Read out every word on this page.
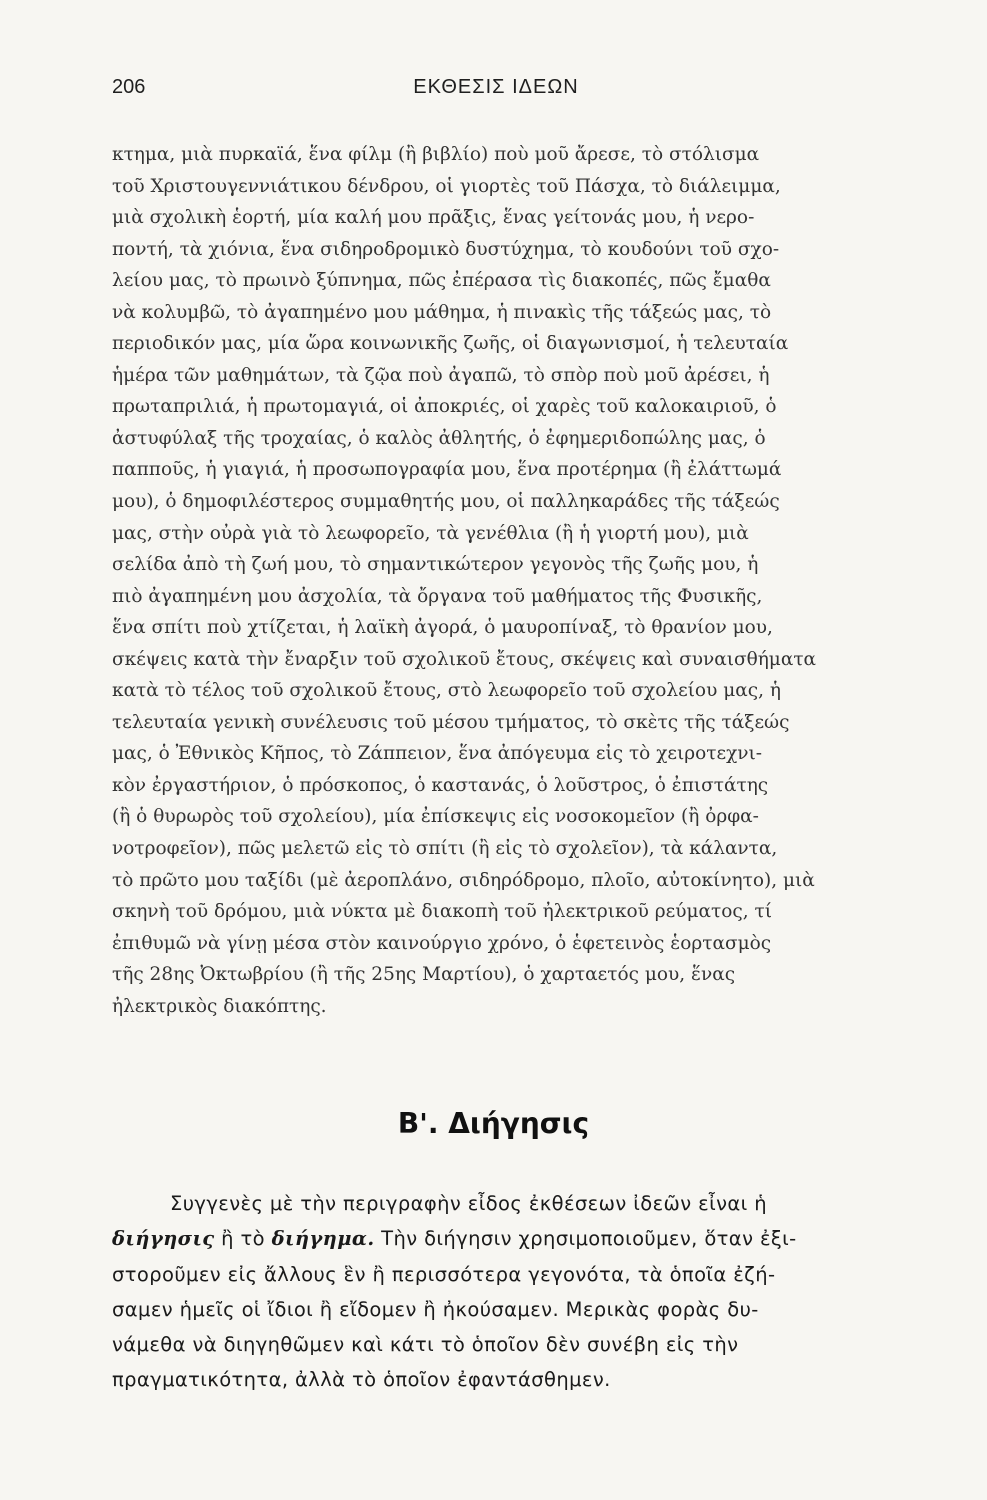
206	ΕΚΘΕΣΙΣ ΙΔΕΩΝ
κτημα, μιὰ πυρκαϊά, ἕνα φίλμ (ἢ βιβλίο) ποὺ μοῦ ἄρεσε, τὸ στόλισμα
τοῦ Χριστουγεννιάτικου δένδρου, οἱ γιορτὲς τοῦ Πάσχα, τὸ διάλειμμα,
μιὰ σχολικὴ ἑορτή, μία καλή μου πρᾶξις, ἕνας γείτονάς μου, ἡ νερο-
ποντή, τὰ χιόνια, ἕνα σιδηροδρομικὸ δυστύχημα, τὸ κουδούνι τοῦ σχο-
λείου μας, τὸ πρωινὸ ξύπνημα, πῶς ἐπέρασα τὶς διακοπές, πῶς ἔμαθα
νὰ κολυμβῶ, τὸ ἀγαπημένο μου μάθημα, ἡ πινακὶς τῆς τάξεώς μας, τὸ
περιοδικόν μας, μία ὥρα κοινωνικῆς ζωῆς, οἱ διαγωνισμοί, ἡ τελευταία
ἡμέρα τῶν μαθημάτων, τὰ ζῷα ποὺ ἀγαπῶ, τὸ σπὸρ ποὺ μοῦ ἀρέσει, ἡ
πρωταπριλιά, ἡ πρωτομαγιά, οἱ ἀποκριές, οἱ χαρὲς τοῦ καλοκαιριοῦ, ὁ
ἀστυφύλαξ τῆς τροχαίας, ὁ καλὸς ἀθλητής, ὁ ἐφημεριδοπώλης μας, ὁ
παπποῦς, ἡ γιαγιά, ἡ προσωπογραφία μου, ἕνα προτέρημα (ἢ ἐλάττωμά
μου), ὁ δημοφιλέστερος συμμαθητής μου, οἱ παλληκαράδες τῆς τάξεώς
μας, στὴν οὐρὰ γιὰ τὸ λεωφορεῖο, τὰ γενέθλια (ἢ ἡ γιορτή μου), μιὰ
σελίδα ἀπὸ τὴ ζωή μου, τὸ σημαντικώτερον γεγονὸς τῆς ζωῆς μου, ἡ
πιὸ ἀγαπημένη μου ἀσχολία, τὰ ὄργανα τοῦ μαθήματος τῆς Φυσικῆς,
ἕνα σπίτι ποὺ χτίζεται, ἡ λαϊκὴ ἀγορά, ὁ μαυροπίναξ, τὸ θρανίον μου,
σκέψεις κατὰ τὴν ἔναρξιν τοῦ σχολικοῦ ἔτους, σκέψεις καὶ συναισθήματα
κατὰ τὸ τέλος τοῦ σχολικοῦ ἔτους, στὸ λεωφορεῖο τοῦ σχολείου μας, ἡ
τελευταία γενικὴ συνέλευσις τοῦ μέσου τμήματος, τὸ σκὲτς τῆς τάξεώς
μας, ὁ Ἐθνικὸς Κῆπος, τὸ Ζάππειον, ἕνα ἀπόγευμα εἰς τὸ χειροτεχνι-
κὸν ἐργαστήριον, ὁ πρόσκοπος, ὁ καστανάς, ὁ λοῦστρος, ὁ ἐπιστάτης
(ἢ ὁ θυρωρὸς τοῦ σχολείου), μία ἐπίσκεψις εἰς νοσοκομεῖον (ἢ ὀρφα-
νοτροφεῖον), πῶς μελετῶ εἰς τὸ σπίτι (ἢ εἰς τὸ σχολεῖον), τὰ κάλαντα,
τὸ πρῶτο μου ταξίδι (μὲ ἀεροπλάνο, σιδηρόδρομο, πλοῖο, αὐτοκίνητο), μιὰ
σκηνὴ τοῦ δρόμου, μιὰ νύκτα μὲ διακοπὴ τοῦ ἠλεκτρικοῦ ρεύματος, τί
ἐπιθυμῶ νὰ γίνῃ μέσα στὸν καινούργιο χρόνο, ὁ ἑφετεινὸς ἑορτασμὸς
τῆς 28ης Ὀκτωβρίου (ἢ τῆς 25ης Μαρτίου), ὁ χαρταετός μου, ἕνας
ἠλεκτρικὸς διακόπτης.
Β'. Διήγησις
Συγγενὲς μὲ τὴν περιγραφὴν εἶδος ἐκθέσεων ἰδεῶν εἶναι ἡ
διήγησις ἢ τὸ διήγημα. Τὴν διήγησιν χρησιμοποιοῦμεν, ὅταν ἐξι-
στοροῦμεν εἰς ἄλλους ἓν ἢ περισσότερα γεγονότα, τὰ ὁποῖα ἐζή-
σαμεν ἡμεῖς οἱ ἴδιοι ἢ εἴδομεν ἢ ἠκούσαμεν. Μερικὰς φορὰς δυ-
νάμεθα νὰ διηγηθῶμεν καὶ κάτι τὸ ὁποῖον δὲν συνέβη εἰς τὴν
πραγματικότητα, ἀλλὰ τὸ ὁποῖον ἐφαντάσθημεν.
